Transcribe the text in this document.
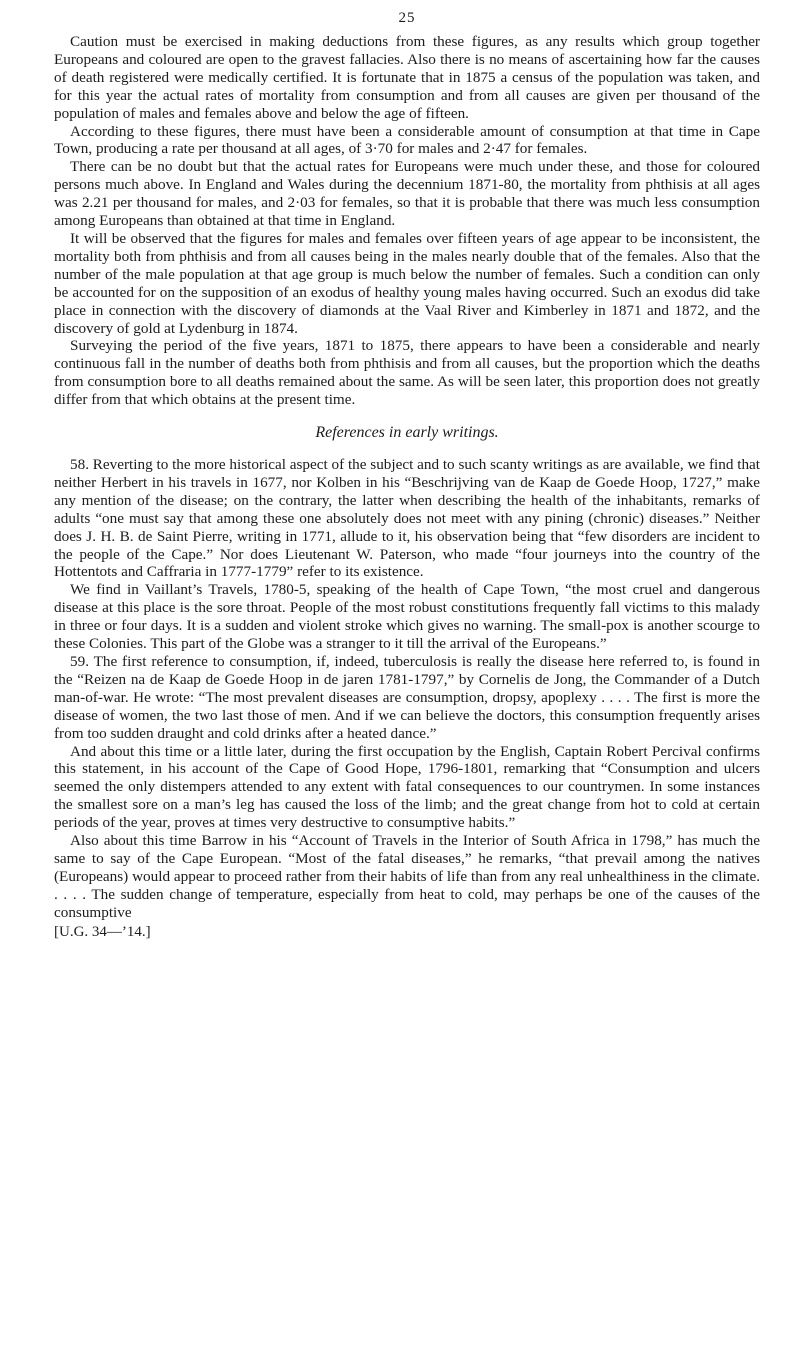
25

Caution must be exercised in making deductions from these figures, as any results which group together Europeans and coloured are open to the gravest fallacies. Also there is no means of ascertaining how far the causes of death registered were medically certified. It is fortunate that in 1875 a census of the population was taken, and for this year the actual rates of mortality from consumption and from all causes are given per thousand of the population of males and females above and below the age of fifteen.

According to these figures, there must have been a considerable amount of consumption at that time in Cape Town, producing a rate per thousand at all ages, of 3·70 for males and 2·47 for females.

There can be no doubt but that the actual rates for Europeans were much under these, and those for coloured persons much above. In England and Wales during the decennium 1871-80, the mortality from phthisis at all ages was 2.21 per thousand for males, and 2·03 for females, so that it is probable that there was much less consumption among Europeans than obtained at that time in England.

It will be observed that the figures for males and females over fifteen years of age appear to be inconsistent, the mortality both from phthisis and from all causes being in the males nearly double that of the females. Also that the number of the male population at that age group is much below the number of females. Such a condition can only be accounted for on the supposition of an exodus of healthy young males having occurred. Such an exodus did take place in connection with the discovery of diamonds at the Vaal River and Kimberley in 1871 and 1872, and the discovery of gold at Lydenburg in 1874.

Surveying the period of the five years, 1871 to 1875, there appears to have been a considerable and nearly continuous fall in the number of deaths both from phthisis and from all causes, but the proportion which the deaths from consumption bore to all deaths remained about the same. As will be seen later, this proportion does not greatly differ from that which obtains at the present time.

References in early writings.

58. Reverting to the more historical aspect of the subject and to such scanty writings as are available, we find that neither Herbert in his travels in 1677, nor Kolben in his “Beschrijving van de Kaap de Goede Hoop, 1727,” make any mention of the disease; on the contrary, the latter when describing the health of the inhabitants, remarks of adults “one must say that among these one absolutely does not meet with any pining (chronic) diseases.” Neither does J. H. B. de Saint Pierre, writing in 1771, allude to it, his observation being that “few disorders are incident to the people of the Cape.” Nor does Lieutenant W. Paterson, who made “four journeys into the country of the Hottentots and Caffraria in 1777-1779” refer to its existence.

We find in Vaillant’s Travels, 1780-5, speaking of the health of Cape Town, “the most cruel and dangerous disease at this place is the sore throat. People of the most robust constitutions frequently fall victims to this malady in three or four days. It is a sudden and violent stroke which gives no warning. The small-pox is another scourge to these Colonies. This part of the Globe was a stranger to it till the arrival of the Europeans.”

59. The first reference to consumption, if, indeed, tuberculosis is really the disease here referred to, is found in the “Reizen na de Kaap de Goede Hoop in de jaren 1781-1797,” by Cornelis de Jong, the Commander of a Dutch man-of-war. He wrote: “The most prevalent diseases are consumption, dropsy, apoplexy . . . . The first is more the disease of women, the two last those of men. And if we can believe the doctors, this consumption frequently arises from too sudden draught and cold drinks after a heated dance.”

And about this time or a little later, during the first occupation by the English, Captain Robert Percival confirms this statement, in his account of the Cape of Good Hope, 1796-1801, remarking that “Consumption and ulcers seemed the only distempers attended to any extent with fatal consequences to our countrymen. In some instances the smallest sore on a man’s leg has caused the loss of the limb; and the great change from hot to cold at certain periods of the year, proves at times very destructive to consumptive habits.”

Also about this time Barrow in his “Account of Travels in the Interior of South Africa in 1798,” has much the same to say of the Cape European. “Most of the fatal diseases,” he remarks, “that prevail among the natives (Europeans) would appear to proceed rather from their habits of life than from any real unhealthiness in the climate. . . . . The sudden change of temperature, especially from heat to cold, may perhaps be one of the causes of the consumptive

[U.G. 34—’14.]
